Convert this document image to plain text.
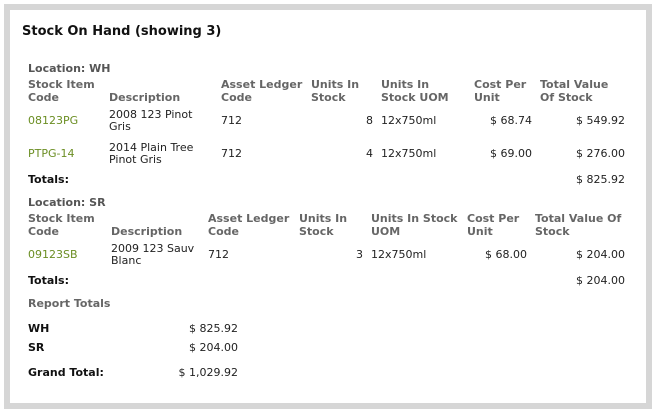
Stock On Hand (showing 3)
Location: WH
Stock Item Code	Description	Asset Ledger Code	Units In Stock	Units In Stock UOM	Cost Per Unit	Total Value Of Stock
08123PG	2008 123 Pinot Gris	712	8	12x750ml	$ 68.74	$ 549.92
PTPG-14	2014 Plain Tree Pinot Gris	712	4	12x750ml	$ 69.00	$ 276.00
Totals:						$ 825.92
Location: SR
Stock Item Code	Description	Asset Ledger Code	Units In Stock	Units In Stock UOM	Cost Per Unit	Total Value Of Stock
09123SB	2009 123 Sauv Blanc	712	3	12x750ml	$ 68.00	$ 204.00
Totals:						$ 204.00
Report Totals
WH	$ 825.92
SR	$ 204.00
Grand Total:	$ 1,029.92
